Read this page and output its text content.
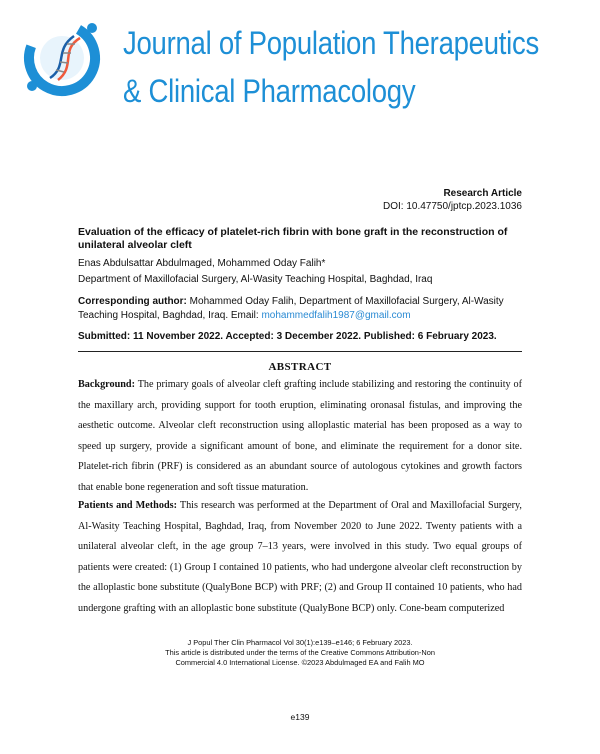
Journal of Population Therapeutics
& Clinical Pharmacology
Research Article
DOI: 10.47750/jptcp.2023.1036
Evaluation of the efficacy of platelet-rich fibrin with bone graft in the reconstruction of unilateral alveolar cleft
Enas Abdulsattar Abdulmaged, Mohammed Oday Falih*
Department of Maxillofacial Surgery, Al-Wasity Teaching Hospital, Baghdad, Iraq
Corresponding author: Mohammed Oday Falih, Department of Maxillofacial Surgery, Al-Wasity Teaching Hospital, Baghdad, Iraq. Email: mohammedfalih1987@gmail.com
Submitted: 11 November 2022. Accepted: 3 December 2022. Published: 6 February 2023.
ABSTRACT
Background: The primary goals of alveolar cleft grafting include stabilizing and restoring the continuity of the maxillary arch, providing support for tooth eruption, eliminating oronasal fistulas, and improving the aesthetic outcome. Alveolar cleft reconstruction using alloplastic material has been proposed as a way to speed up surgery, provide a significant amount of bone, and eliminate the requirement for a donor site. Platelet-rich fibrin (PRF) is considered as an abundant source of autologous cytokines and growth factors that enable bone regeneration and soft tissue maturation.
Patients and Methods: This research was performed at the Department of Oral and Maxillofacial Surgery, Al-Wasity Teaching Hospital, Baghdad, Iraq, from November 2020 to June 2022. Twenty patients with a unilateral alveolar cleft, in the age group 7–13 years, were involved in this study. Two equal groups of patients were created: (1) Group I contained 10 patients, who had undergone alveolar cleft reconstruction by the alloplastic bone substitute (QualyBone BCP) with PRF; (2) and Group II contained 10 patients, who had undergone grafting with an alloplastic bone substitute (QualyBone BCP) only. Cone-beam computerized
J Popul Ther Clin Pharmacol Vol 30(1):e139–e146; 6 February 2023.
This article is distributed under the terms of the Creative Commons Attribution-Non
Commercial 4.0 International License. ©2023 Abdulmaged EA and Falih MO
e139
